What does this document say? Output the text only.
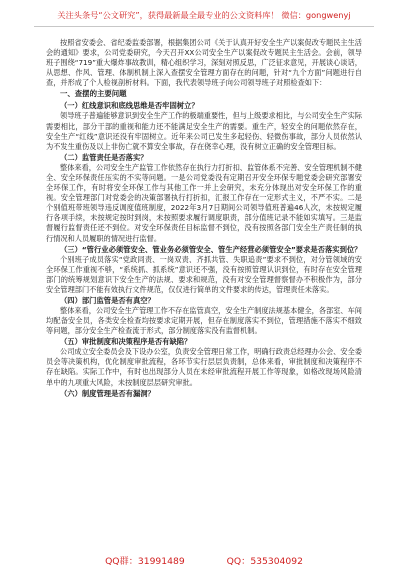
关注头条号“公文研究”，获得最新最全最专业的公文资料库！ 微信：gongwenyj

按照省安委会、省纪委监委部署，根据集团公司《关于认真开好安全生产以案促改专题民主生活会的通知》要求，公司党委研究，今天召开XX公司安全生产以案促改专题民主生活会。会前，领导班子围绕“719”重大爆炸事故教训，精心组织学习，深刻对照反思，广泛征求意见，开展谈心谈话，从思想、作风、管理、体制机制上深入查摆安全管理方面存在的问题，针对“九个方面”问题进行自查，并形成了个人检视剖析材料。下面，我代表领导班子向公司领导班子对照检查如下：

一、查摆的主要问题

（一）红线意识和底线思维是否牢固树立？

领导班子普遍能够意识到安全生产工作的极端重要性，但与上级要求相比，与公司安全生产实际需要相比，部分干部的重视和能力还不能满足安全生产的需要。重生产，轻安全的问题依然存在，安全生产“红线”意识还没有牢固树立。近年来公司已发生多起轻伤、轻微伤事故，部分人员依然认为不发生重伤及以上非伤亡就不算安全事故，存在侥幸心理，没有树立正确的安全管理目标。

（二）监管责任是否落实？

整体来看，公司安全生产监管工作依然存在执行力打折扣、监管体系不完善、安全管理机制不健全、安全环保责任压实的不实等问题。一是公司党委没有定期召开安全环保专题党委会研究部署安全环保工作，有时将安全环保工作与其他工作一并上会研究，未充分体现出对安全环保工作的重视。安全管理部门对党委会的决策部署执行打折扣，汇报工作存在一定形式主义，不严不实。二是个别值班带班领导违反调度值班制度，2022年3月7日期间公司领导值班普遍46人次，未按规定履行各项手续，未按规定按时到岗，未按照要求履行调度职责，部分值班记录不能如实填写。三是监督履行监督责任还不到位。对安全环保责任目标监督不到位，没有按照各部门安全生产责任制的执行情况和人员履职的情况进行监督。

（三）“管行业必须管安全、管业务必须管安全、管生产经营必须管安全”要求是否落实到位？

个别班子成员落实“党政同责、一岗双责、齐抓共管、失职追责”要求不到位，对分管领域的安全环保工作重视不够，“系统抓、抓系统”意识还不强，没有按照管理认识到位，有时存在安全管理部门的统筹规划意识下安全生产的法规、要求和规范，没有对安全管理督察督办不积极作为，部分安全管理部门不能有效执行文件规范，仅仅进行简单的文件要求的传达，管理责任未落实。

（四）部门监管是否有真空？

整体来看，公司安全生产管理工作不存在监管真空，安全生产制度法规基本健全，各部室、车间均配备安全员，各类安全检查均按要求定期开展，但存在制度落实不到位，管理措施不落实不细致等问题，部分安全生产检查流于形式，部分制度落实没有监督机制。

（五）审批制度和决策程序是否有缺陷？

公司成立安全委员会及下设办公室，负责安全管理日常工作，明确行政责总经理办公会、安全委员会等决策机构，优化制度审批流程，各环节实行层层负责制，总体来看，审批制度和决策程序不存在缺陷。实际工作中，有时也出现部分人员在未经审批流程开展工作等现象，如格改现场风险清单中的九项重大风险，未按制度层层研究审批。

（六）制度管理是否有漏洞？

QQ群：31991489	QQ：535304092
